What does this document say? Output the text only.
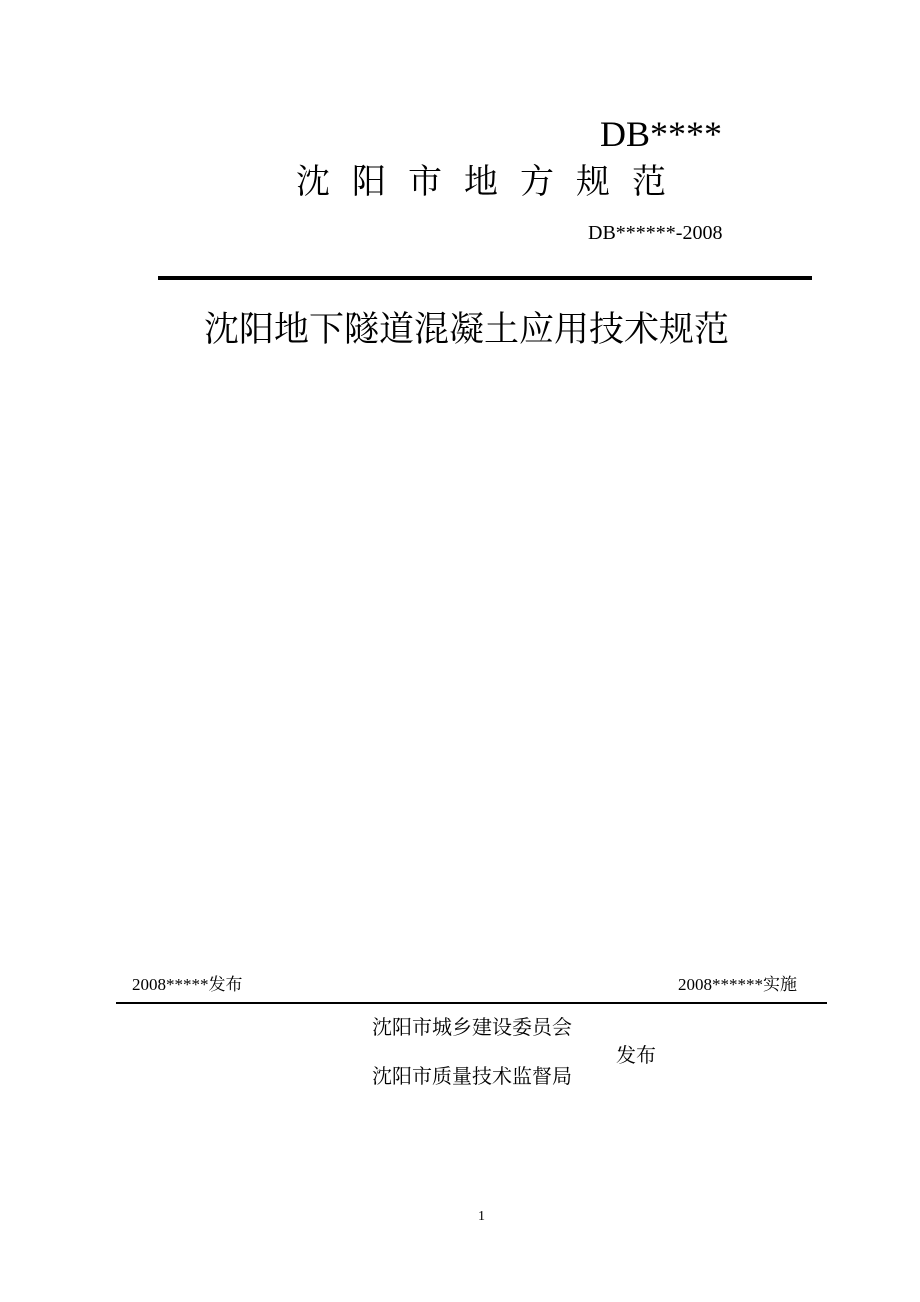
DB****
沈阳市地方规范
DB******-2008
沈阳地下隧道混凝土应用技术规范
2008*****发布	2008******实施
沈阳市城乡建设委员会
沈阳市质量技术监督局
发布
1
